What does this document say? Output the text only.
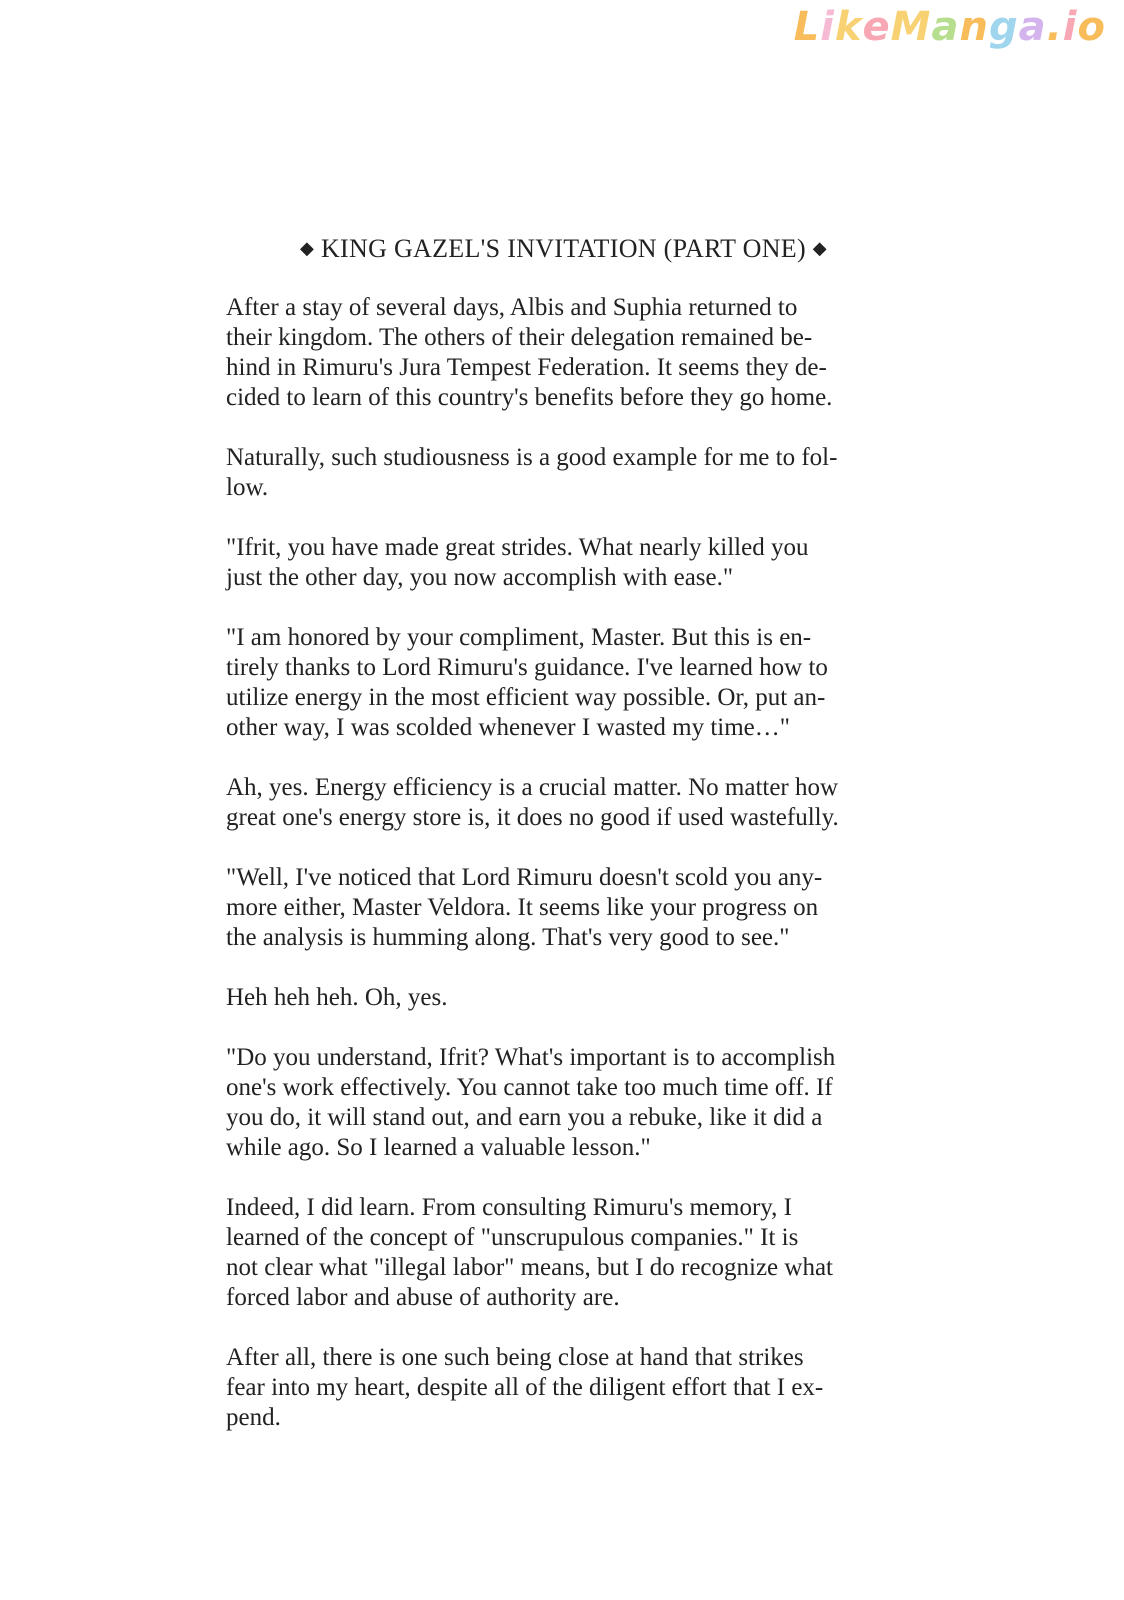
LikeManga.io
◆ KING GAZEL'S INVITATION (PART ONE) ◆

After a stay of several days, Albis and Suphia returned to
their kingdom. The others of their delegation remained be-
hind in Rimuru's Jura Tempest Federation. It seems they de-
cided to learn of this country's benefits before they go home.

Naturally, such studiousness is a good example for me to fol-
low.

"Ifrit, you have made great strides. What nearly killed you
just the other day, you now accomplish with ease."

"I am honored by your compliment, Master. But this is en-
tirely thanks to Lord Rimuru's guidance. I've learned how to
utilize energy in the most efficient way possible. Or, put an-
other way, I was scolded whenever I wasted my time…"

Ah, yes. Energy efficiency is a crucial matter. No matter how
great one's energy store is, it does no good if used wastefully.

"Well, I've noticed that Lord Rimuru doesn't scold you any-
more either, Master Veldora. It seems like your progress on
the analysis is humming along. That's very good to see."

Heh heh heh. Oh, yes.

"Do you understand, Ifrit? What's important is to accomplish
one's work effectively. You cannot take too much time off. If
you do, it will stand out, and earn you a rebuke, like it did a
while ago. So I learned a valuable lesson."

Indeed, I did learn. From consulting Rimuru's memory, I
learned of the concept of "unscrupulous companies." It is
not clear what "illegal labor" means, but I do recognize what
forced labor and abuse of authority are.

After all, there is one such being close at hand that strikes
fear into my heart, despite all of the diligent effort that I ex-
pend.
